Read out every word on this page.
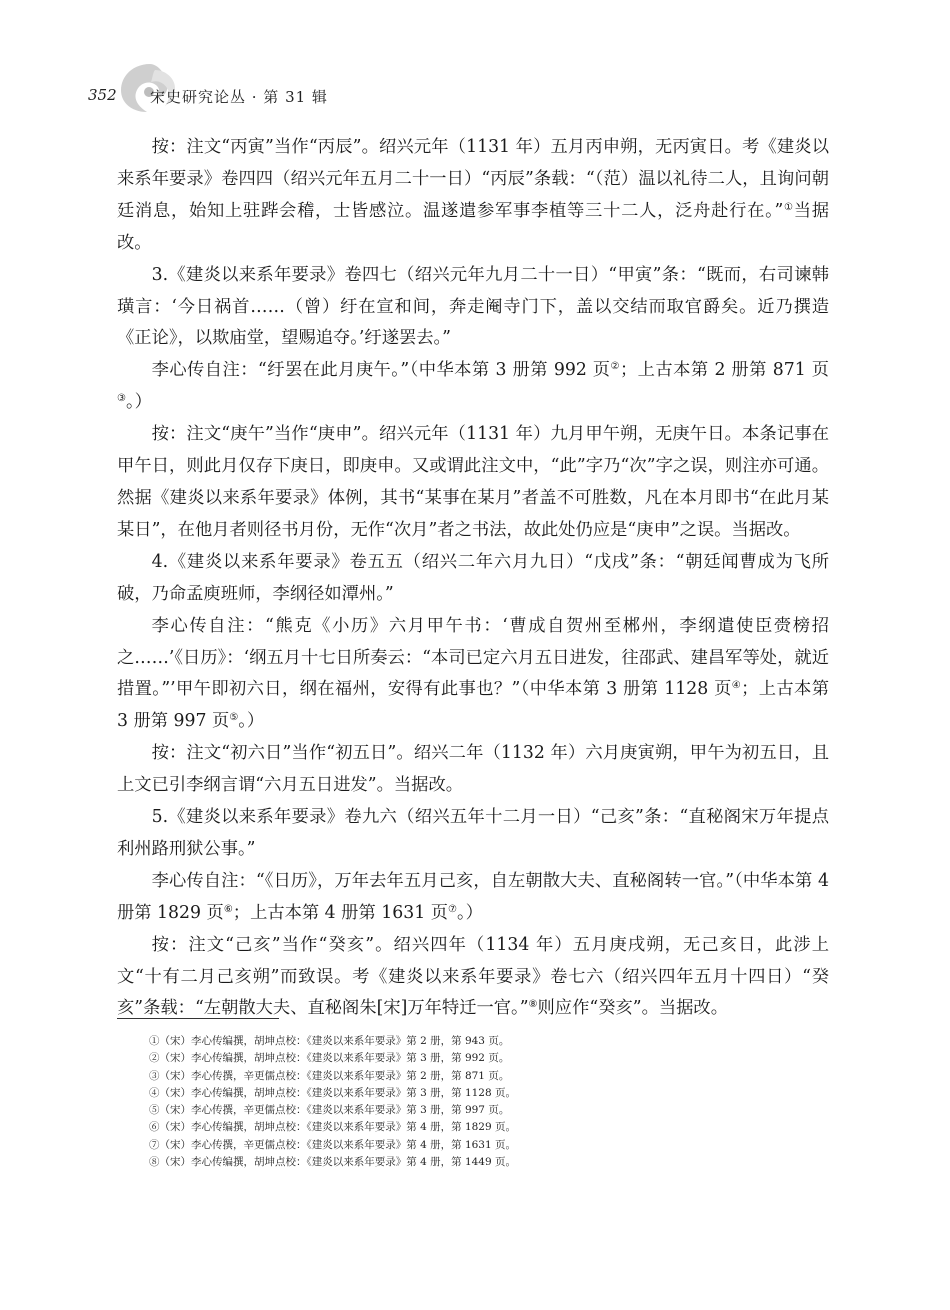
352 宋史研究论丛 · 第 31 辑

按：注文“丙寅”当作“丙辰”。绍兴元年（1131 年）五月丙申朔，无丙寅日。考《建炎以来系年要录》卷四四（绍兴元年五月二十一日）“丙辰”条载：“（范）温以礼待二人，且询问朝廷消息，始知上驻跸会稽，士皆感泣。温遂遣参军事李植等三十二人，泛舟赴行在。”①当据改。

3.《建炎以来系年要录》卷四七（绍兴元年九月二十一日）“甲寅”条：“既而，右司谏韩璜言：‘今日祸首……（曾）纡在宣和间，奔走阉寺门下，盖以交结而取官爵矣。近乃撰造《正论》，以欺庙堂，望赐追夺。’纡遂罢去。”

李心传自注：“纡罢在此月庚午。”（中华本第 3 册第 992 页②；上古本第 2 册第 871 页③。）

按：注文“庚午”当作“庚申”。绍兴元年（1131 年）九月甲午朔，无庚午日。本条记事在甲午日，则此月仅存下庚日，即庚申。又或谓此注文中，“此”字乃“次”字之误，则注亦可通。然据《建炎以来系年要录》体例，其书“某事在某月”者盖不可胜数，凡在本月即书“在此月某某日”，在他月者则径书月份，无作“次月”者之书法，故此处仍应是“庚申”之误。当据改。

4.《建炎以来系年要录》卷五五（绍兴二年六月九日）“戊戌”条：“朝廷闻曹成为飞所破，乃命孟庾班师，李纲径如潭州。”

李心传自注：“熊克《小历》六月甲午书：‘曹成自贺州至郴州，李纲遣使臣赍榜招之……’《日历》：‘纲五月十七日所奏云：“本司已定六月五日进发，往邵武、建昌军等处，就近措置。”’甲午即初六日，纲在福州，安得有此事也？”（中华本第 3 册第 1128 页④；上古本第 3 册第 997 页⑤。）

按：注文“初六日”当作“初五日”。绍兴二年（1132 年）六月庚寅朔，甲午为初五日，且上文已引李纲言谓“六月五日进发”。当据改。

5.《建炎以来系年要录》卷九六（绍兴五年十二月一日）“己亥”条：“直秘阁宋万年提点利州路刑狱公事。”

李心传自注：“《日历》，万年去年五月己亥，自左朝散大夫、直秘阁转一官。”（中华本第 4 册第 1829 页⑥；上古本第 4 册第 1631 页⑦。）

按：注文“己亥”当作“癸亥”。绍兴四年（1134 年）五月庚戌朔，无己亥日，此涉上文“十有二月己亥朔”而致误。考《建炎以来系年要录》卷七六（绍兴四年五月十四日）“癸亥”条载：“左朝散大夫、直秘阁朱[宋]万年特迁一官。”⑧则应作“癸亥”。当据改。

①（宋）李心传编撰，胡坤点校：《建炎以来系年要录》第 2 册，第 943 页。
②（宋）李心传编撰，胡坤点校：《建炎以来系年要录》第 3 册，第 992 页。
③（宋）李心传撰，辛更儒点校：《建炎以来系年要录》第 2 册，第 871 页。
④（宋）李心传编撰，胡坤点校：《建炎以来系年要录》第 3 册，第 1128 页。
⑤（宋）李心传撰，辛更儒点校：《建炎以来系年要录》第 3 册，第 997 页。
⑥（宋）李心传编撰，胡坤点校：《建炎以来系年要录》第 4 册，第 1829 页。
⑦（宋）李心传撰，辛更儒点校：《建炎以来系年要录》第 4 册，第 1631 页。
⑧（宋）李心传编撰，胡坤点校：《建炎以来系年要录》第 4 册，第 1449 页。
